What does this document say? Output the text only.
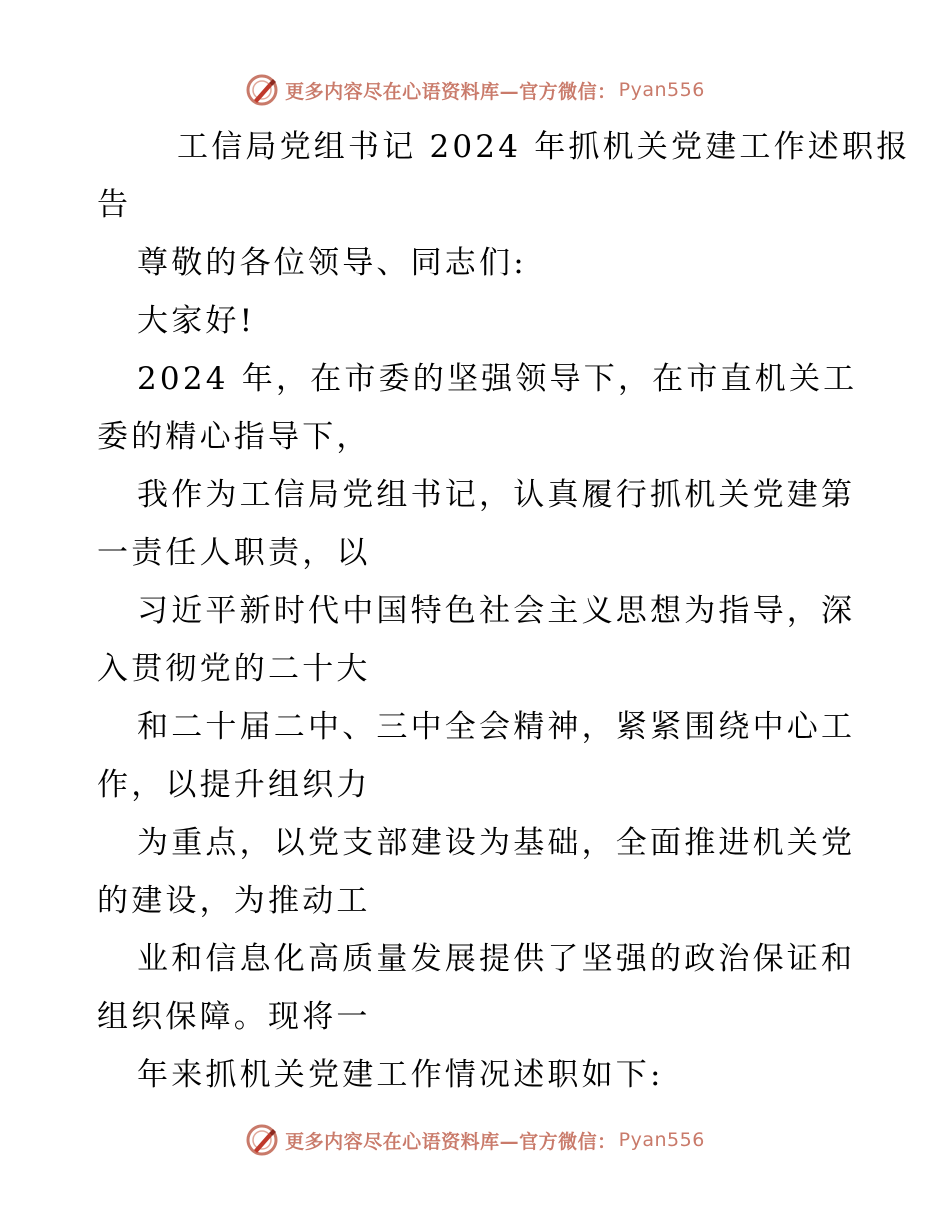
更多内容尽在心语资料库—官方微信： Pyan556
工信局党组书记 2024 年抓机关党建工作述职报
告
尊敬的各位领导、同志们:
大家好!
2024 年，在市委的坚强领导下，在市直机关工
委的精心指导下，
我作为工信局党组书记，认真履行抓机关党建第
一责任人职责，以
习近平新时代中国特色社会主义思想为指导，深
入贯彻党的二十大
和二十届二中、三中全会精神，紧紧围绕中心工
作，以提升组织力
为重点，以党支部建设为基础，全面推进机关党
的建设，为推动工
业和信息化高质量发展提供了坚强的政治保证和
组织保障。现将一
年来抓机关党建工作情况述职如下:
更多内容尽在心语资料库—官方微信： Pyan556
